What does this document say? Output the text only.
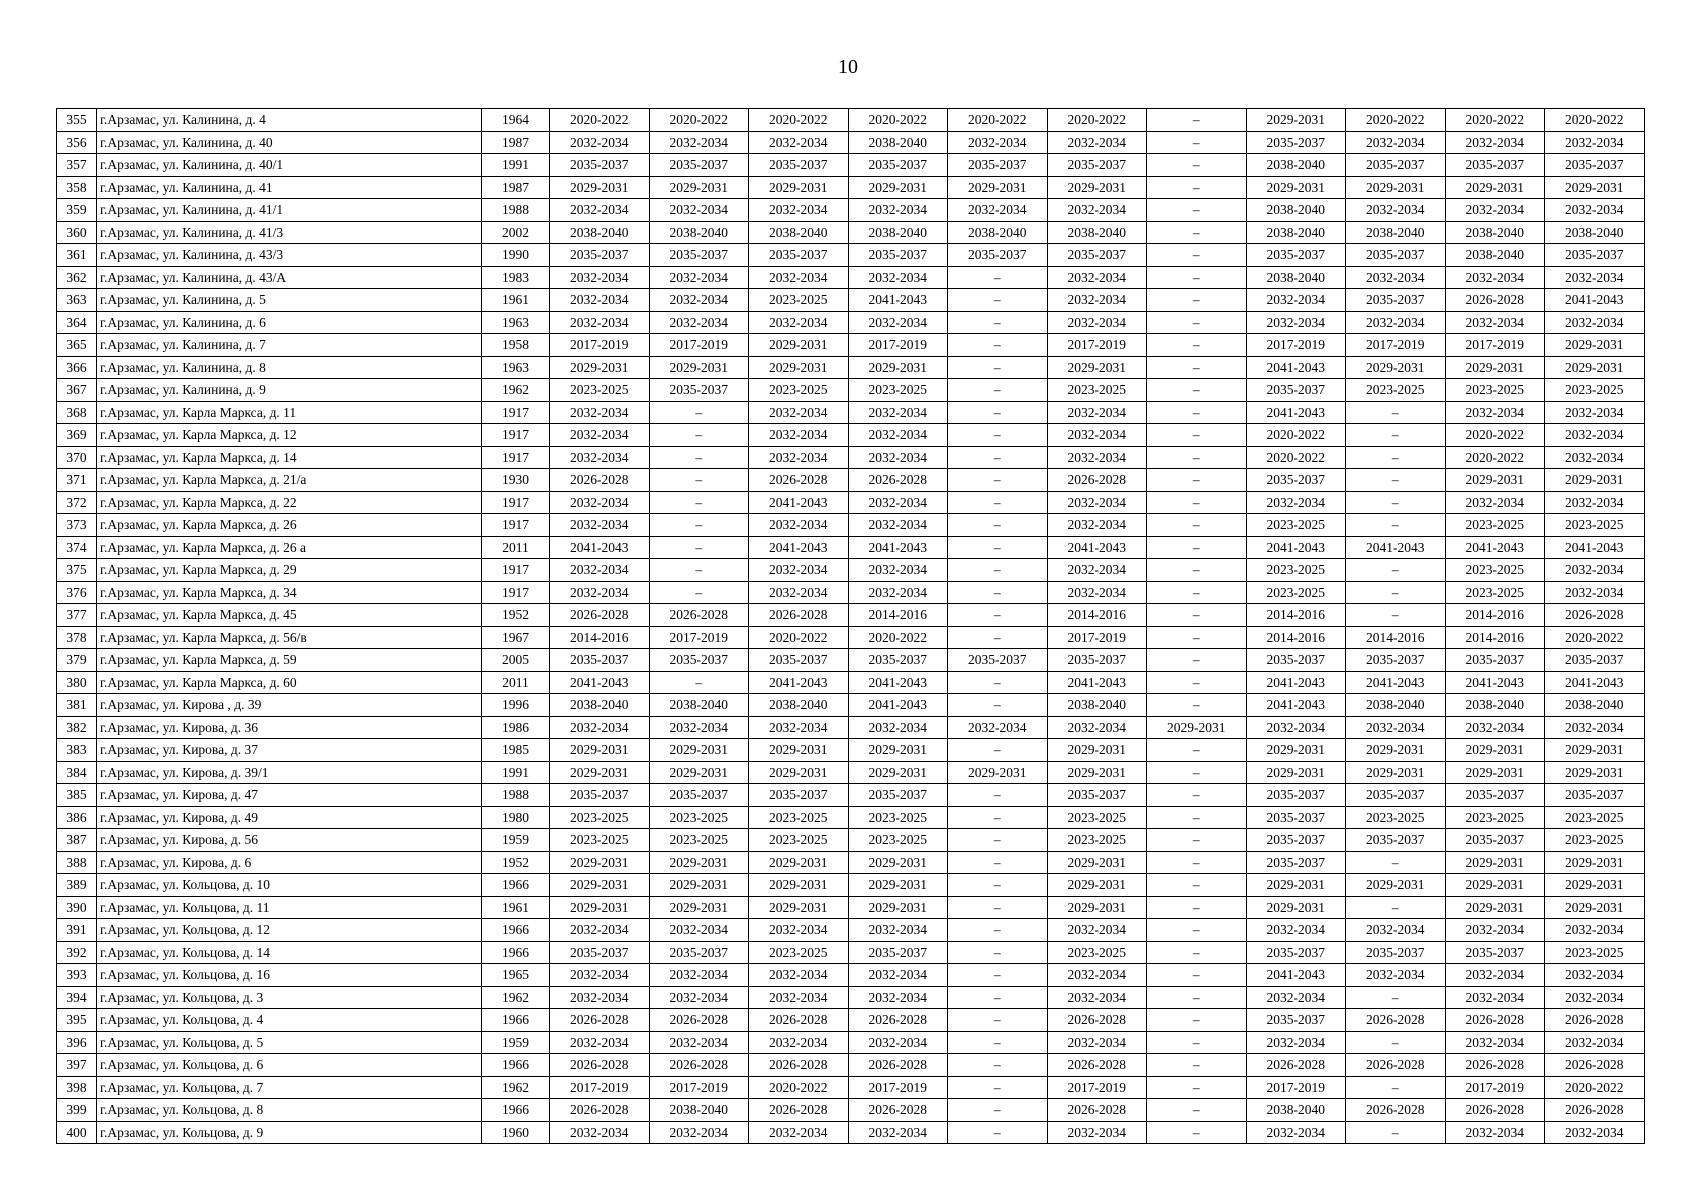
10
355	г.Арзамас, ул. Калинина, д. 4	1964	2020-2022	2020-2022	2020-2022	2020-2022	2020-2022	2020-2022	–	2029-2031	2020-2022	2020-2022	2020-2022
356	г.Арзамас, ул. Калинина, д. 40	1987	2032-2034	2032-2034	2032-2034	2038-2040	2032-2034	2032-2034	–	2035-2037	2032-2034	2032-2034	2032-2034
357	г.Арзамас, ул. Калинина, д. 40/1	1991	2035-2037	2035-2037	2035-2037	2035-2037	2035-2037	2035-2037	–	2038-2040	2035-2037	2035-2037	2035-2037
358	г.Арзамас, ул. Калинина, д. 41	1987	2029-2031	2029-2031	2029-2031	2029-2031	2029-2031	2029-2031	–	2029-2031	2029-2031	2029-2031	2029-2031
359	г.Арзамас, ул. Калинина, д. 41/1	1988	2032-2034	2032-2034	2032-2034	2032-2034	2032-2034	2032-2034	–	2038-2040	2032-2034	2032-2034	2032-2034
360	г.Арзамас, ул. Калинина, д. 41/3	2002	2038-2040	2038-2040	2038-2040	2038-2040	2038-2040	2038-2040	–	2038-2040	2038-2040	2038-2040	2038-2040
361	г.Арзамас, ул. Калинина, д. 43/3	1990	2035-2037	2035-2037	2035-2037	2035-2037	2035-2037	2035-2037	–	2035-2037	2035-2037	2038-2040	2035-2037
362	г.Арзамас, ул. Калинина, д. 43/А	1983	2032-2034	2032-2034	2032-2034	2032-2034	–	2032-2034	–	2038-2040	2032-2034	2032-2034	2032-2034
363	г.Арзамас, ул. Калинина, д. 5	1961	2032-2034	2032-2034	2023-2025	2041-2043	–	2032-2034	–	2032-2034	2035-2037	2026-2028	2041-2043
364	г.Арзамас, ул. Калинина, д. 6	1963	2032-2034	2032-2034	2032-2034	2032-2034	–	2032-2034	–	2032-2034	2032-2034	2032-2034	2032-2034
365	г.Арзамас, ул. Калинина, д. 7	1958	2017-2019	2017-2019	2029-2031	2017-2019	–	2017-2019	–	2017-2019	2017-2019	2017-2019	2029-2031
366	г.Арзамас, ул. Калинина, д. 8	1963	2029-2031	2029-2031	2029-2031	2029-2031	–	2029-2031	–	2041-2043	2029-2031	2029-2031	2029-2031
367	г.Арзамас, ул. Калинина, д. 9	1962	2023-2025	2035-2037	2023-2025	2023-2025	–	2023-2025	–	2035-2037	2023-2025	2023-2025	2023-2025
368	г.Арзамас, ул. Карла Маркса, д. 11	1917	2032-2034	–	2032-2034	2032-2034	–	2032-2034	–	2041-2043	–	2032-2034	2032-2034
369	г.Арзамас, ул. Карла Маркса, д. 12	1917	2032-2034	–	2032-2034	2032-2034	–	2032-2034	–	2020-2022	–	2020-2022	2032-2034
370	г.Арзамас, ул. Карла Маркса, д. 14	1917	2032-2034	–	2032-2034	2032-2034	–	2032-2034	–	2020-2022	–	2020-2022	2032-2034
371	г.Арзамас, ул. Карла Маркса, д. 21/а	1930	2026-2028	–	2026-2028	2026-2028	–	2026-2028	–	2035-2037	–	2029-2031	2029-2031
372	г.Арзамас, ул. Карла Маркса, д. 22	1917	2032-2034	–	2041-2043	2032-2034	–	2032-2034	–	2032-2034	–	2032-2034	2032-2034
373	г.Арзамас, ул. Карла Маркса, д. 26	1917	2032-2034	–	2032-2034	2032-2034	–	2032-2034	–	2023-2025	–	2023-2025	2023-2025
374	г.Арзамас, ул. Карла Маркса, д. 26 а	2011	2041-2043	–	2041-2043	2041-2043	–	2041-2043	–	2041-2043	2041-2043	2041-2043	2041-2043
375	г.Арзамас, ул. Карла Маркса, д. 29	1917	2032-2034	–	2032-2034	2032-2034	–	2032-2034	–	2023-2025	–	2023-2025	2032-2034
376	г.Арзамас, ул. Карла Маркса, д. 34	1917	2032-2034	–	2032-2034	2032-2034	–	2032-2034	–	2023-2025	–	2023-2025	2032-2034
377	г.Арзамас, ул. Карла Маркса, д. 45	1952	2026-2028	2026-2028	2026-2028	2014-2016	–	2014-2016	–	2014-2016	–	2014-2016	2026-2028
378	г.Арзамас, ул. Карла Маркса, д. 56/в	1967	2014-2016	2017-2019	2020-2022	2020-2022	–	2017-2019	–	2014-2016	2014-2016	2014-2016	2020-2022
379	г.Арзамас, ул. Карла Маркса, д. 59	2005	2035-2037	2035-2037	2035-2037	2035-2037	2035-2037	2035-2037	–	2035-2037	2035-2037	2035-2037	2035-2037
380	г.Арзамас, ул. Карла Маркса, д. 60	2011	2041-2043	–	2041-2043	2041-2043	–	2041-2043	–	2041-2043	2041-2043	2041-2043	2041-2043
381	г.Арзамас, ул. Кирова , д. 39	1996	2038-2040	2038-2040	2038-2040	2041-2043	–	2038-2040	–	2041-2043	2038-2040	2038-2040	2038-2040
382	г.Арзамас, ул. Кирова, д. 36	1986	2032-2034	2032-2034	2032-2034	2032-2034	2032-2034	2032-2034	2029-2031	2032-2034	2032-2034	2032-2034	2032-2034
383	г.Арзамас, ул. Кирова, д. 37	1985	2029-2031	2029-2031	2029-2031	2029-2031	–	2029-2031	–	2029-2031	2029-2031	2029-2031	2029-2031
384	г.Арзамас, ул. Кирова, д. 39/1	1991	2029-2031	2029-2031	2029-2031	2029-2031	2029-2031	2029-2031	–	2029-2031	2029-2031	2029-2031	2029-2031
385	г.Арзамас, ул. Кирова, д. 47	1988	2035-2037	2035-2037	2035-2037	2035-2037	–	2035-2037	–	2035-2037	2035-2037	2035-2037	2035-2037
386	г.Арзамас, ул. Кирова, д. 49	1980	2023-2025	2023-2025	2023-2025	2023-2025	–	2023-2025	–	2035-2037	2023-2025	2023-2025	2023-2025
387	г.Арзамас, ул. Кирова, д. 56	1959	2023-2025	2023-2025	2023-2025	2023-2025	–	2023-2025	–	2035-2037	2035-2037	2035-2037	2023-2025
388	г.Арзамас, ул. Кирова, д. 6	1952	2029-2031	2029-2031	2029-2031	2029-2031	–	2029-2031	–	2035-2037	–	2029-2031	2029-2031
389	г.Арзамас, ул. Кольцова, д. 10	1966	2029-2031	2029-2031	2029-2031	2029-2031	–	2029-2031	–	2029-2031	2029-2031	2029-2031	2029-2031
390	г.Арзамас, ул. Кольцова, д. 11	1961	2029-2031	2029-2031	2029-2031	2029-2031	–	2029-2031	–	2029-2031	–	2029-2031	2029-2031
391	г.Арзамас, ул. Кольцова, д. 12	1966	2032-2034	2032-2034	2032-2034	2032-2034	–	2032-2034	–	2032-2034	2032-2034	2032-2034	2032-2034
392	г.Арзамас, ул. Кольцова, д. 14	1966	2035-2037	2035-2037	2023-2025	2035-2037	–	2023-2025	–	2035-2037	2035-2037	2035-2037	2023-2025
393	г.Арзамас, ул. Кольцова, д. 16	1965	2032-2034	2032-2034	2032-2034	2032-2034	–	2032-2034	–	2041-2043	2032-2034	2032-2034	2032-2034
394	г.Арзамас, ул. Кольцова, д. 3	1962	2032-2034	2032-2034	2032-2034	2032-2034	–	2032-2034	–	2032-2034	–	2032-2034	2032-2034
395	г.Арзамас, ул. Кольцова, д. 4	1966	2026-2028	2026-2028	2026-2028	2026-2028	–	2026-2028	–	2035-2037	2026-2028	2026-2028	2026-2028
396	г.Арзамас, ул. Кольцова, д. 5	1959	2032-2034	2032-2034	2032-2034	2032-2034	–	2032-2034	–	2032-2034	–	2032-2034	2032-2034
397	г.Арзамас, ул. Кольцова, д. 6	1966	2026-2028	2026-2028	2026-2028	2026-2028	–	2026-2028	–	2026-2028	2026-2028	2026-2028	2026-2028
398	г.Арзамас, ул. Кольцова, д. 7	1962	2017-2019	2017-2019	2020-2022	2017-2019	–	2017-2019	–	2017-2019	–	2017-2019	2020-2022
399	г.Арзамас, ул. Кольцова, д. 8	1966	2026-2028	2038-2040	2026-2028	2026-2028	–	2026-2028	–	2038-2040	2026-2028	2026-2028	2026-2028
400	г.Арзамас, ул. Кольцова, д. 9	1960	2032-2034	2032-2034	2032-2034	2032-2034	–	2032-2034	–	2032-2034	–	2032-2034	2032-2034
